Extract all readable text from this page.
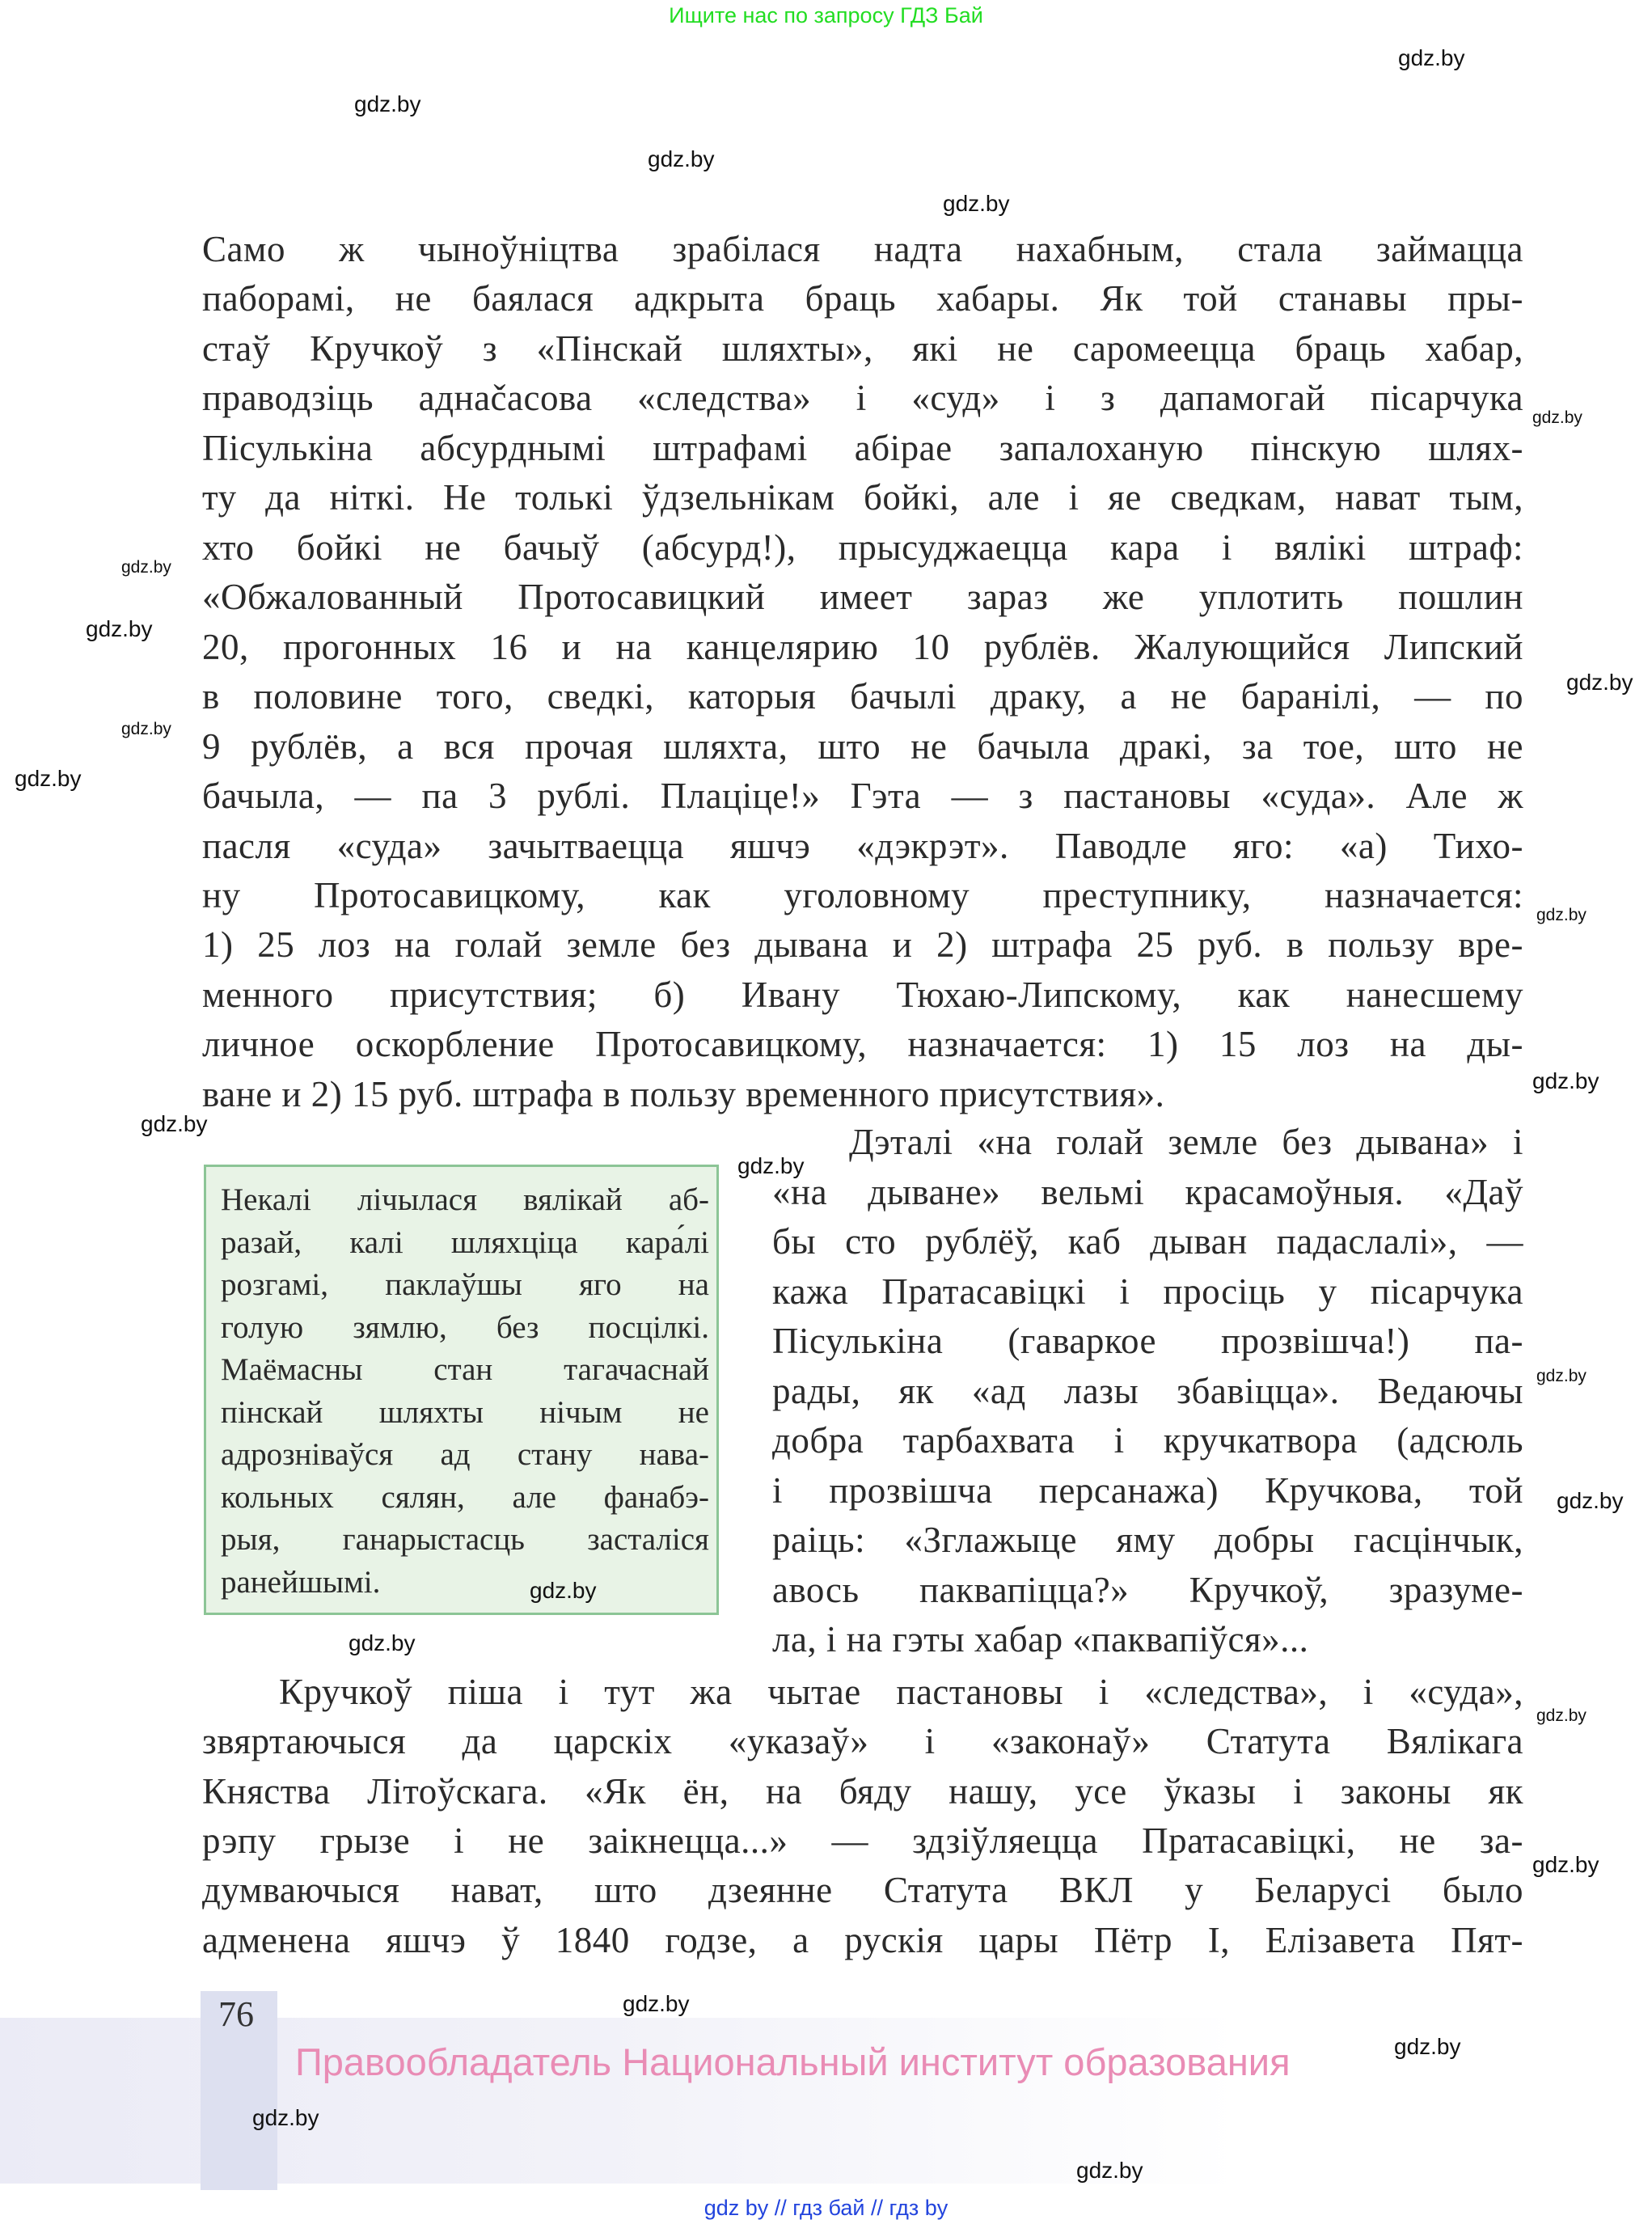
Ищите нас по запросу ГДЗ Бай
Само ж чыноўніцтва зрабілася надта нахабным, стала займацца
паборамі, не баялася адкрыта браць хабары. Як той станавы пры-
стаў Кручкоў з «Пінскай шляхты», які не саромеецца браць хабар,
праводзіць аднačасова «следства» і «суд» і з дапамогай пісарчука
Пісулькіна абсурднымі штрафамі абірае запалоханую пінскую шлях-
ту да ніткі. Не толькі ўдзельнікам бойкі, але і яе сведкам, нават тым,
хто бойкі не бачыў (абсурд!), прысуджаецца кара і вялікі штраф:
«Обжалованный Протосавицкий имеет зараз же уплотить пошлин
20, прогонных 16 и на канцелярию 10 рублёв. Жалующийся Липский
в половине того, сведкі, каторыя бачылі драку, а не баранілі, — по
9 рублёв, а вся прочая шляхта, што не бачыла дракі, за тое, што не
бачыла, — па 3 рублі. Плаціце!» Гэта — з пастановы «суда». Але ж
пасля «суда» зачытваецца яшчэ «дэкрэт». Паводле яго: «а) Тихо-
ну Протосавицкому, как уголовному преступнику, назначается:
1) 25 лоз на голай земле без дывана и 2) штрафа 25 руб. в пользу вре-
менного присутствия; б) Ивану Тюхаю-Липскому, как нанесшему
личное оскорбление Протосавицкому, назначается: 1) 15 лоз на ды-
ване и 2) 15 руб. штрафа в пользу временного присутствия».
Дэталі «на голай земле без дывана» і
«на дыване» вельмі красамоўныя. «Даў
бы сто рублёў, каб дыван падаслалі», —
кажа Пратасавіцкі і просіць у пісарчука
Пісулькіна (гаваркое прозвішча!) па-
рады, як «ад лазы збавіцца». Ведаючы
добра тарбахвата і кручкатвора (адсюль
і прозвішча персанажа) Кручкова, той
раіць: «Зглажыце яму добры гасцінчык,
авось паквапіцца?» Кручкоў, зразуме-
ла, і на гэты хабар «паквапіўся»...
Некалі лічылася вялікай аб-
разай, калі шляхціца кара́лі
розгамі, паклаўшы яго на
голую зямлю, без посцілкі.
Маёмасны стан тагачаснай
пінскай шляхты нічым не
адрозніваўся ад стану нава-
кольных сялян, але фанабэ-
рыя, ганарыстасць засталіся
ранейшымі.
Кручкоў піша і тут жа чытае пастановы і «следства», і «суда»,
звяртаючыся да царскіх «указаў» і «законаў» Статута Вялікага
Княства Літоўскага. «Як ён, на бяду нашу, усе ўказы і законы як
рэпу грызе і не заікнецца...» — здзіўляецца Пратасавіцкі, не за-
думваючыся нават, што дзеянне Статута ВКЛ у Беларусі было
адменена яшчэ ў 1840 годзе, а рускія цары Пётр I, Елізавета Пят-
76
Правообладатель Национальный институт образования
gdz by // гдз бай // гдз by
gdz.by
gdz.by
gdz.by
gdz.by
gdz.by
gdz.by
gdz.by
gdz.by
gdz.by
gdz.by
gdz.by
gdz.by
gdz.by
gdz.by
gdz.by
gdz.by
gdz.by
gdz.by
gdz.by
gdz.by
gdz.by
gdz.by
gdz.by
gdz.by
